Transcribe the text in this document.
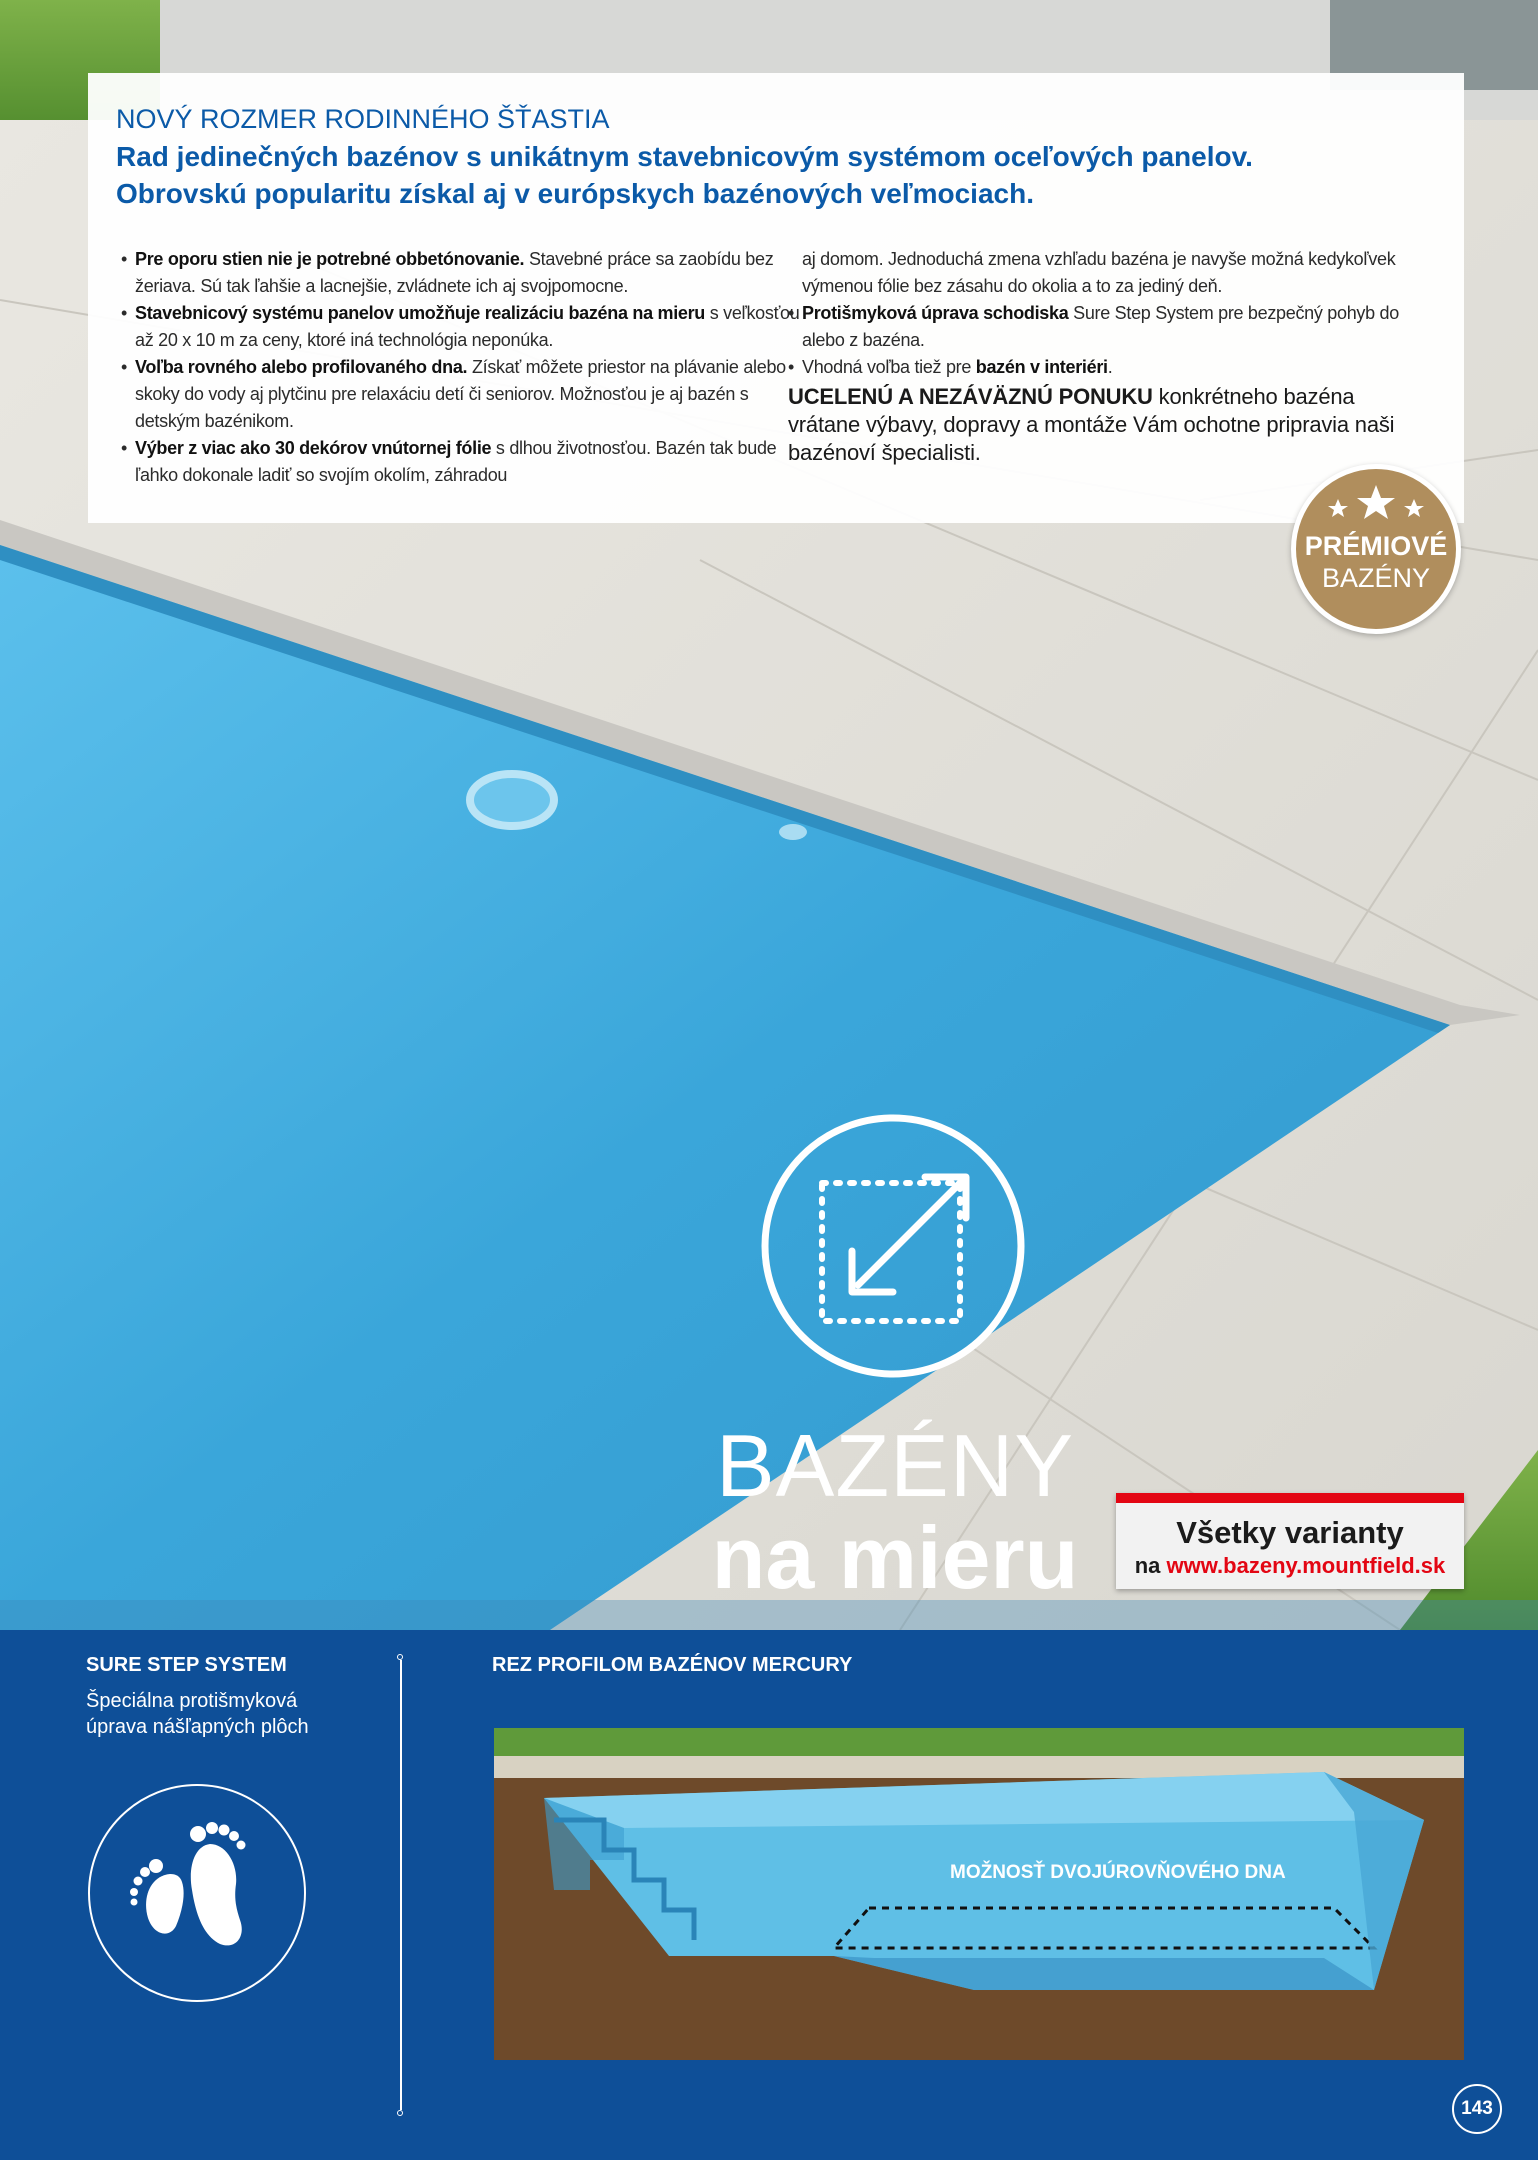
NOVÝ ROZMER RODINNÉHO ŠŤASTIA
Rad jedinečných bazénov s unikátnym stavebnicovým systémom oceľových panelov.
Obrovskú popularitu získal aj v európskych bazénových veľmociach.
• Pre oporu stien nie je potrebné obbetónovanie. Stavebné práce sa zaobídu bez žeriava. Sú tak ľahšie a lacnejšie, zvládnete ich aj svojpomocne.
• Stavebnicový systému panelov umožňuje realizáciu bazéna na mieru s veľkosťou až 20 x 10 m za ceny, ktoré iná technológia neponúka.
• Voľba rovného alebo profilovaného dna. Získať môžete priestor na plávanie alebo skoky do vody aj plytčinu pre relaxáciu detí či seniorov. Možnosťou je aj bazén s detským bazénikom.
• Výber z viac ako 30 dekórov vnútornej fólie s dlhou životnosťou. Bazén tak bude ľahko dokonale ladiť so svojím okolím, záhradou
aj domom. Jednoduchá zmena vzhľadu bazéna je navyše možná kedykoľvek výmenou fólie bez zásahu do okolia a to za jediný deň.
• Protišmyková úprava schodiska Sure Step System pre bezpečný pohyb do alebo z bazéna.
• Vhodná voľba tiež pre bazén v interiéri.
UCELENÚ A NEZÁVÄZNÚ PONUKU konkrétneho bazéna vrátane výbavy, dopravy a montáže Vám ochotne pripravia naši bazénoví špecialisti.
PRÉMIOVÉ
BAZÉNY
BAZÉNY
na mieru	Všetky varianty
na www.bazeny.mountfield.sk
SURE STEP SYSTEM
Špeciálna protišmyková úprava nášľapných plôch
REZ PROFILOM BAZÉNOV MERCURY
MOŽNOSŤ DVOJÚROVŇOVÉHO DNA
143
